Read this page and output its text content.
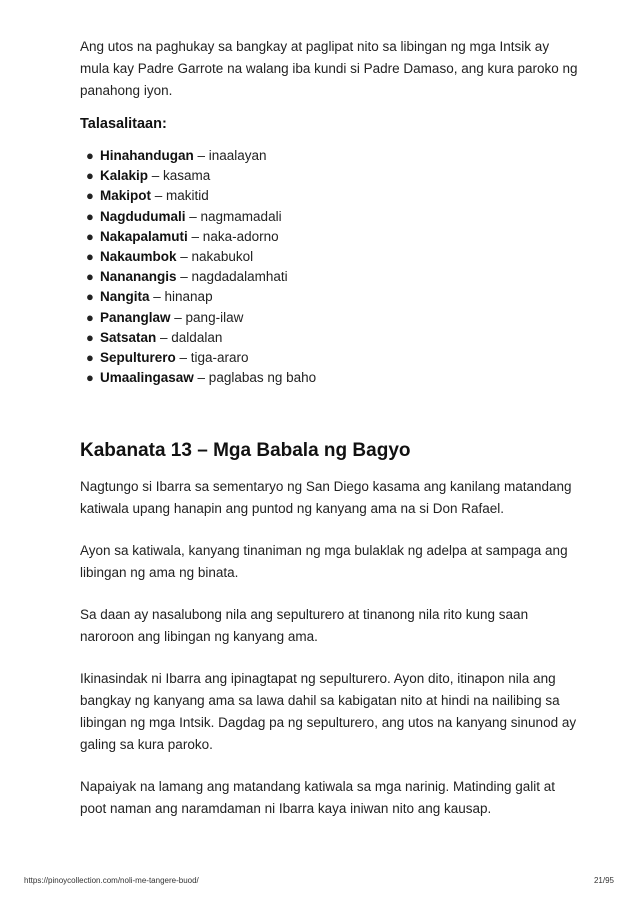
Ang utos na paghukay sa bangkay at paglipat nito sa libingan ng mga Intsik ay mula kay Padre Garrote na walang iba kundi si Padre Damaso, ang kura paroko ng panahong iyon.

Talasalitaan:
● Hinahandugan – inaalayan
● Kalakip – kasama
● Makipot – makitid
● Nagdudumali – nagmamadali
● Nakapalamuti – naka-adorno
● Nakaumbok – nakabukol
● Nananangis – nagdadalamhati
● Nangita – hinanap
● Pananglaw – pang-ilaw
● Satsatan – daldalan
● Sepulturero – tiga-araro
● Umaalingasaw – paglabas ng baho
Kabanata 13 – Mga Babala ng Bagyo

Nagtungo si Ibarra sa sementaryo ng San Diego kasama ang kanilang matandang katiwala upang hanapin ang puntod ng kanyang ama na si Don Rafael.

Ayon sa katiwala, kanyang tinaniman ng mga bulaklak ng adelpa at sampaga ang libingan ng ama ng binata.

Sa daan ay nasalubong nila ang sepulturero at tinanong nila rito kung saan naroroon ang libingan ng kanyang ama.

Ikinasindak ni Ibarra ang ipinagtapat ng sepulturero. Ayon dito, itinapon nila ang bangkay ng kanyang ama sa lawa dahil sa kabigatan nito at hindi na nailibing sa libingan ng mga Intsik. Dagdag pa ng sepulturero, ang utos na kanyang sinunod ay galing sa kura paroko.

Napaiyak na lamang ang matandang katiwala sa mga narinig. Matinding galit at poot naman ang naramdaman ni Ibarra kaya iniwan nito ang kausap.

https://pinoycollection.com/noli-me-tangere-buod/	21/95
